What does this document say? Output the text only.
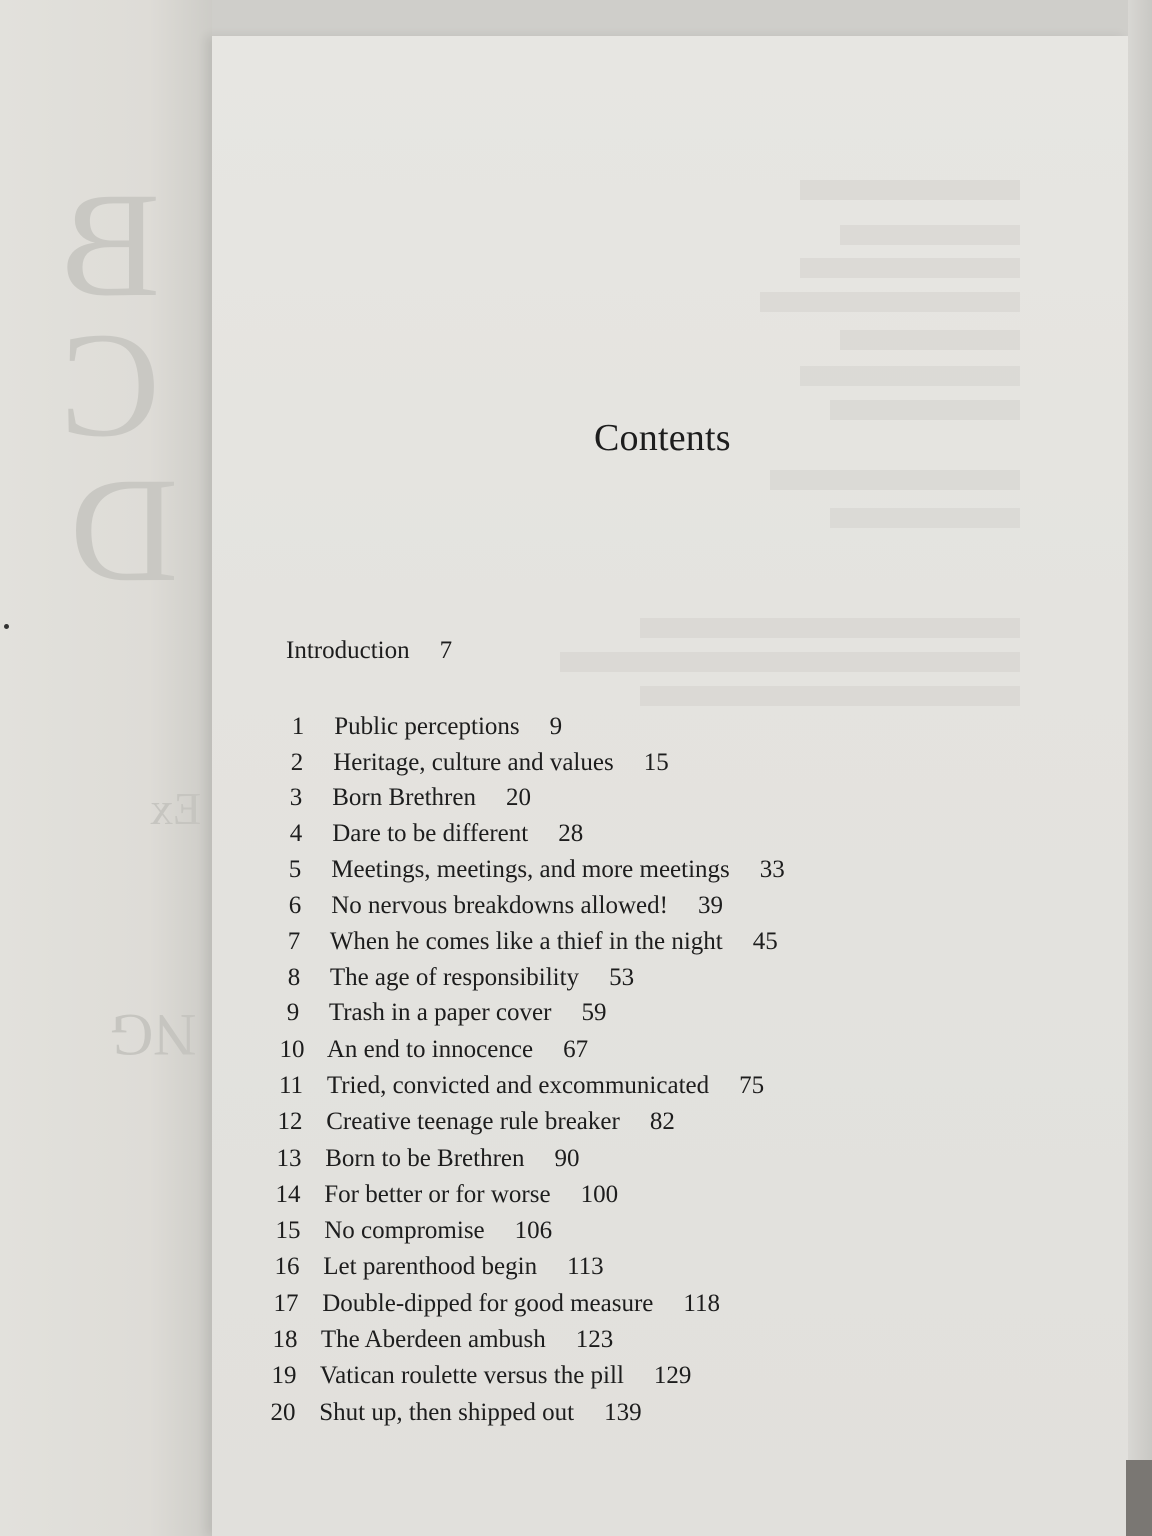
B
C
D
Ex
NG
Contents
Introduction 7
1 Public perceptions 9
2 Heritage, culture and values 15
3 Born Brethren 20
4 Dare to be different 28
5 Meetings, meetings, and more meetings 33
6 No nervous breakdowns allowed! 39
7 When he comes like a thief in the night 45
8 The age of responsibility 53
9 Trash in a paper cover 59
10 An end to innocence 67
11 Tried, convicted and excommunicated 75
12 Creative teenage rule breaker 82
13 Born to be Brethren 90
14 For better or for worse 100
15 No compromise 106
16 Let parenthood begin 113
17 Double-dipped for good measure 118
18 The Aberdeen ambush 123
19 Vatican roulette versus the pill 129
20 Shut up, then shipped out 139
